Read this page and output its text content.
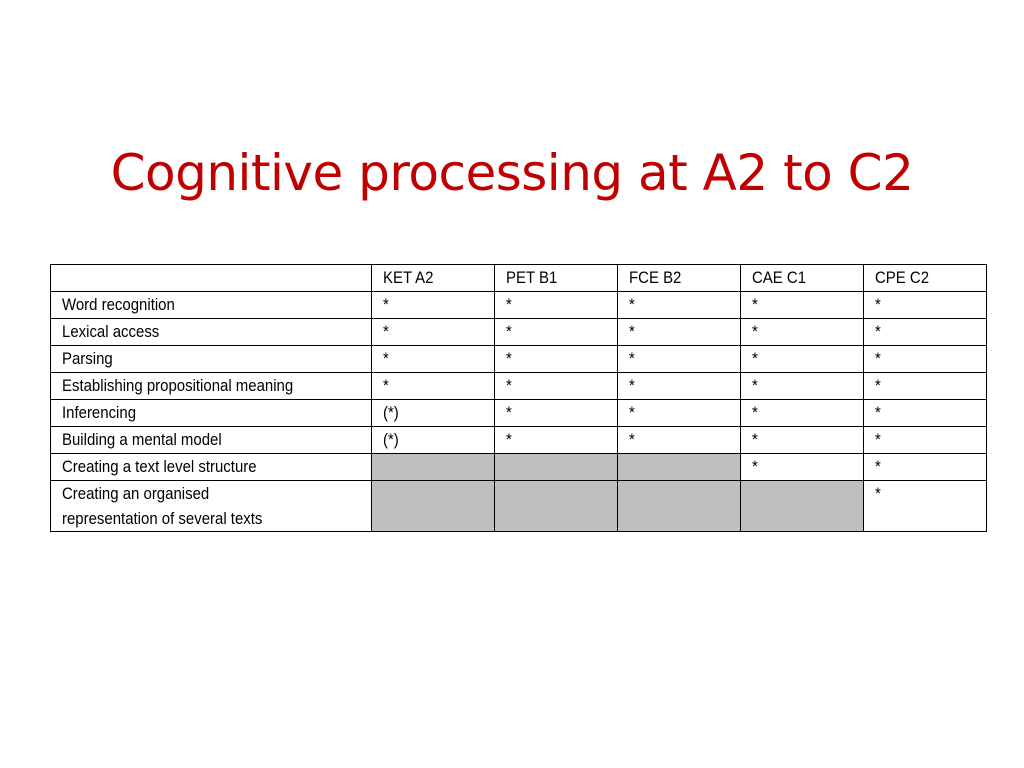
Cognitive processing at A2 to C2
	KET A2	PET B1	FCE B2	CAE C1	CPE C2
Word recognition	*	*	*	*	*
Lexical access	*	*	*	*	*
Parsing	*	*	*	*	*
Establishing propositional meaning	*	*	*	*	*
Inferencing	(*)	*	*	*	*
Building a mental model	(*)	*	*	*	*
Creating a text level structure				*	*
Creating an organised
representation of several texts					*
